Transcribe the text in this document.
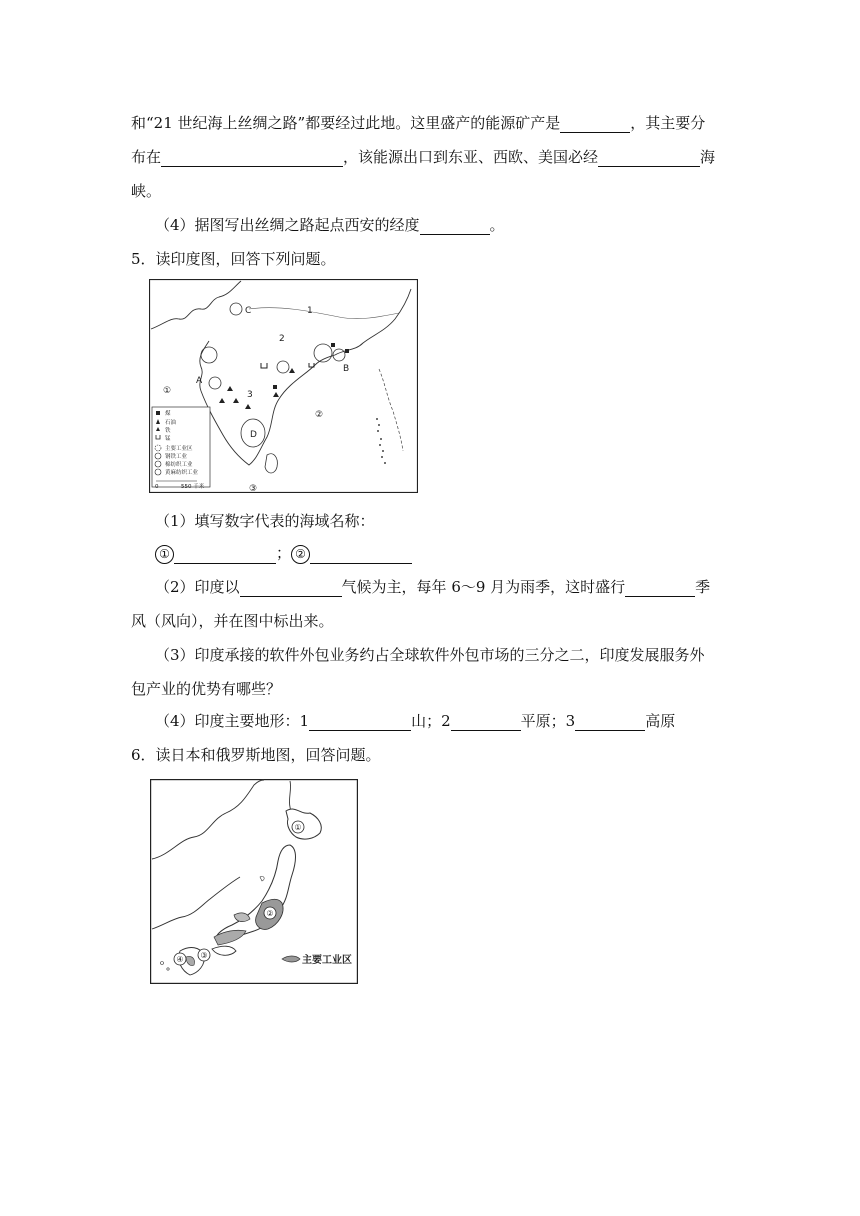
和“21 世纪海上丝绸之路”都要经过此地。这里盛产的能源矿产是	，其主要分
布在	，该能源出口到东亚、西欧、美国必经	海
峡。
（4）据图写出丝绸之路起点西安的经度	。
5．读印度图，回答下列问题。
煤
石油
铁
锰
主要工业区
钢铁工业
棉纺织工业
黄麻纺织工业
0	550 千米
1
2
3
A
B
C
D
①
②
③
（1）填写数字代表的海域名称：
①	； ②
（2）印度以	气候为主，每年 6～9 月为雨季，这时盛行	季
风（风向），并在图中标出来。
（3）印度承接的软件外包业务约占全球软件外包市场的三分之二，印度发展服务外
包产业的优势有哪些？
（4）印度主要地形：1	山；2	平原；3	高原
6．读日本和俄罗斯地图，回答问题。
①
②
③
④	主要工业区
